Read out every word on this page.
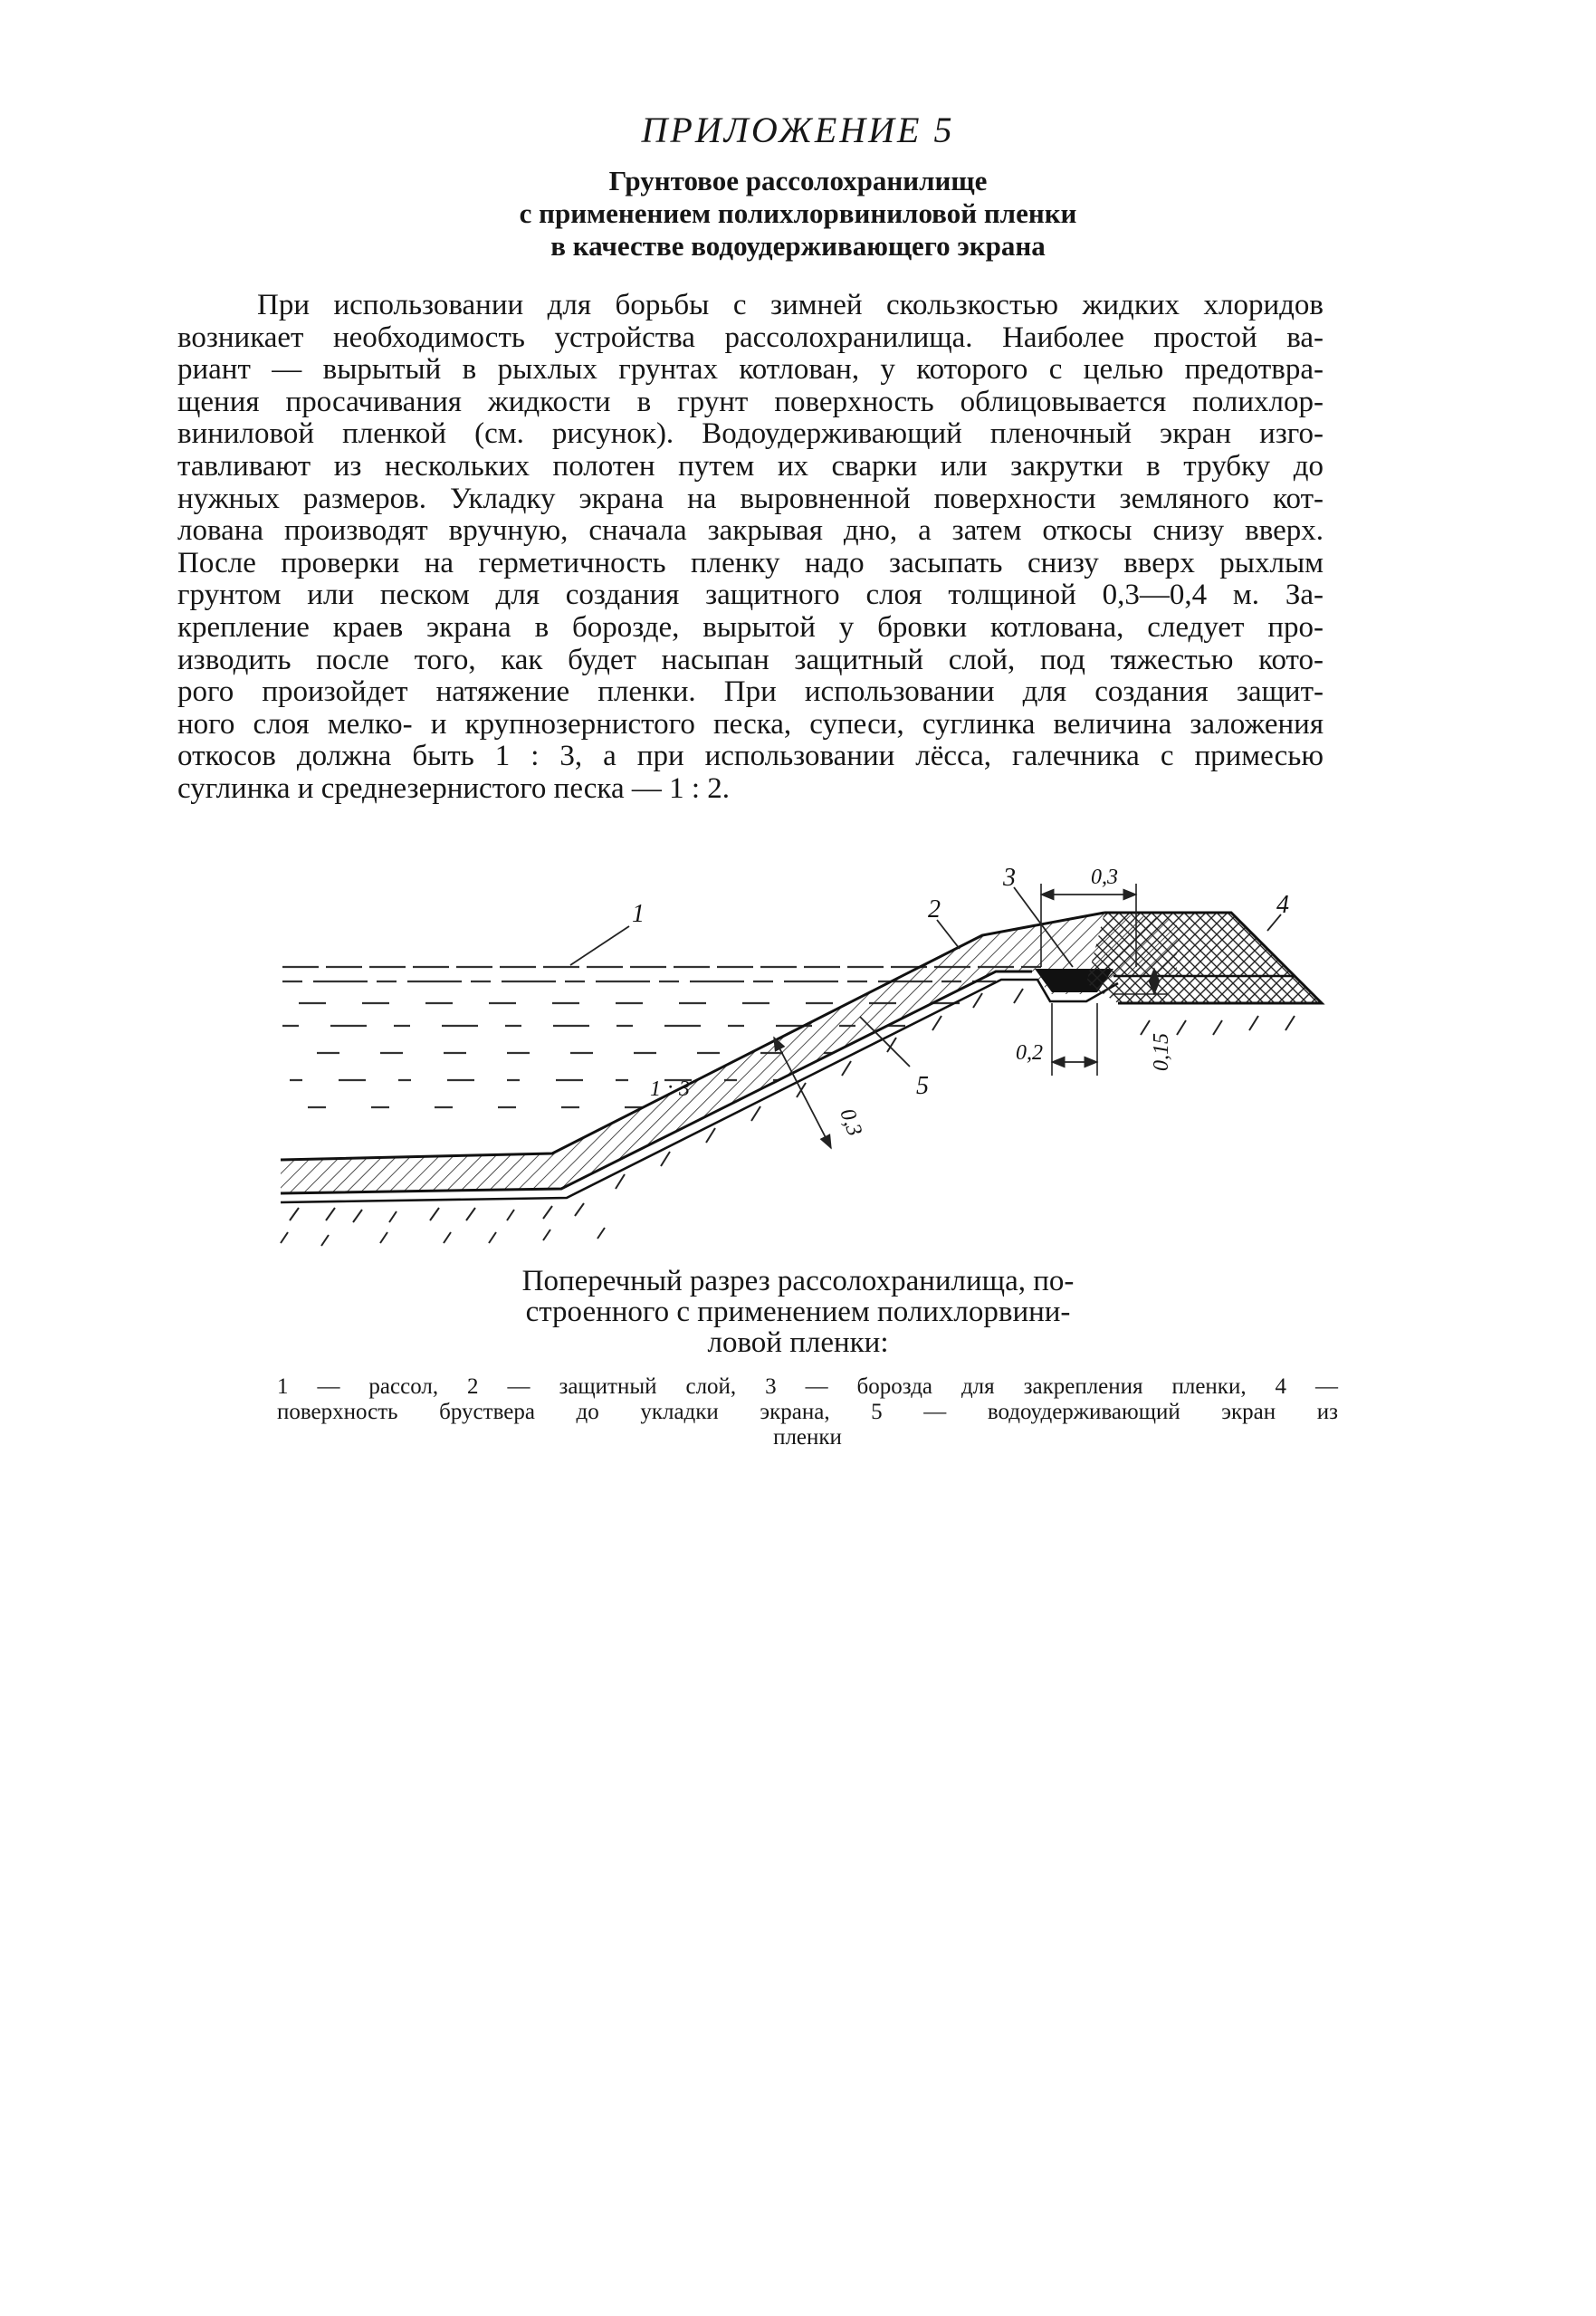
ПРИЛОЖЕНИЕ 5
Грунтовое рассолохранилище
с применением полихлорвиниловой пленки
в качестве водоудерживающего экрана
При использовании для борьбы с зимней скользкостью жидких хлоридов
возникает необходимость устройства рассолохранилища. Наиболее простой ва-
риант — вырытый в рыхлых грунтах котлован, у которого с целью предотвра-
щения просачивания жидкости в грунт поверхность облицовывается полихлор-
виниловой пленкой (см. рисунок). Водоудерживающий пленочный экран изго-
тавливают из нескольких полотен путем их сварки или закрутки в трубку до
нужных размеров. Укладку экрана на выровненной поверхности земляного кот-
лована производят вручную, сначала закрывая дно, а затем откосы снизу вверх.
После проверки на герметичность пленку надо засыпать снизу вверх рыхлым
грунтом или песком для создания защитного слоя толщиной 0,3—0,4 м. За-
крепление краев экрана в борозде, вырытой у бровки котлована, следует про-
изводить после того, как будет насыпан защитный слой, под тяжестью кото-
рого произойдет натяжение пленки. При использовании для создания защит-
ного слоя мелко- и крупнозернистого песка, супеси, суглинка величина заложения
откосов должна быть 1 : 3, а при использовании лёсса, галечника с примесью
суглинка и среднезернистого песка — 1 : 2.
1	2
3
4
5
1 : 3
0,3
0,2	0,15
0,3
Поперечный разрез рассолохранилища, по-
строенного с применением полихлорвини-
ловой пленки:
1 — рассол, 2 — защитный слой, 3 — борозда для закрепления пленки, 4 —
поверхность бруствера до укладки экрана, 5 — водоудерживающий экран из
пленки
